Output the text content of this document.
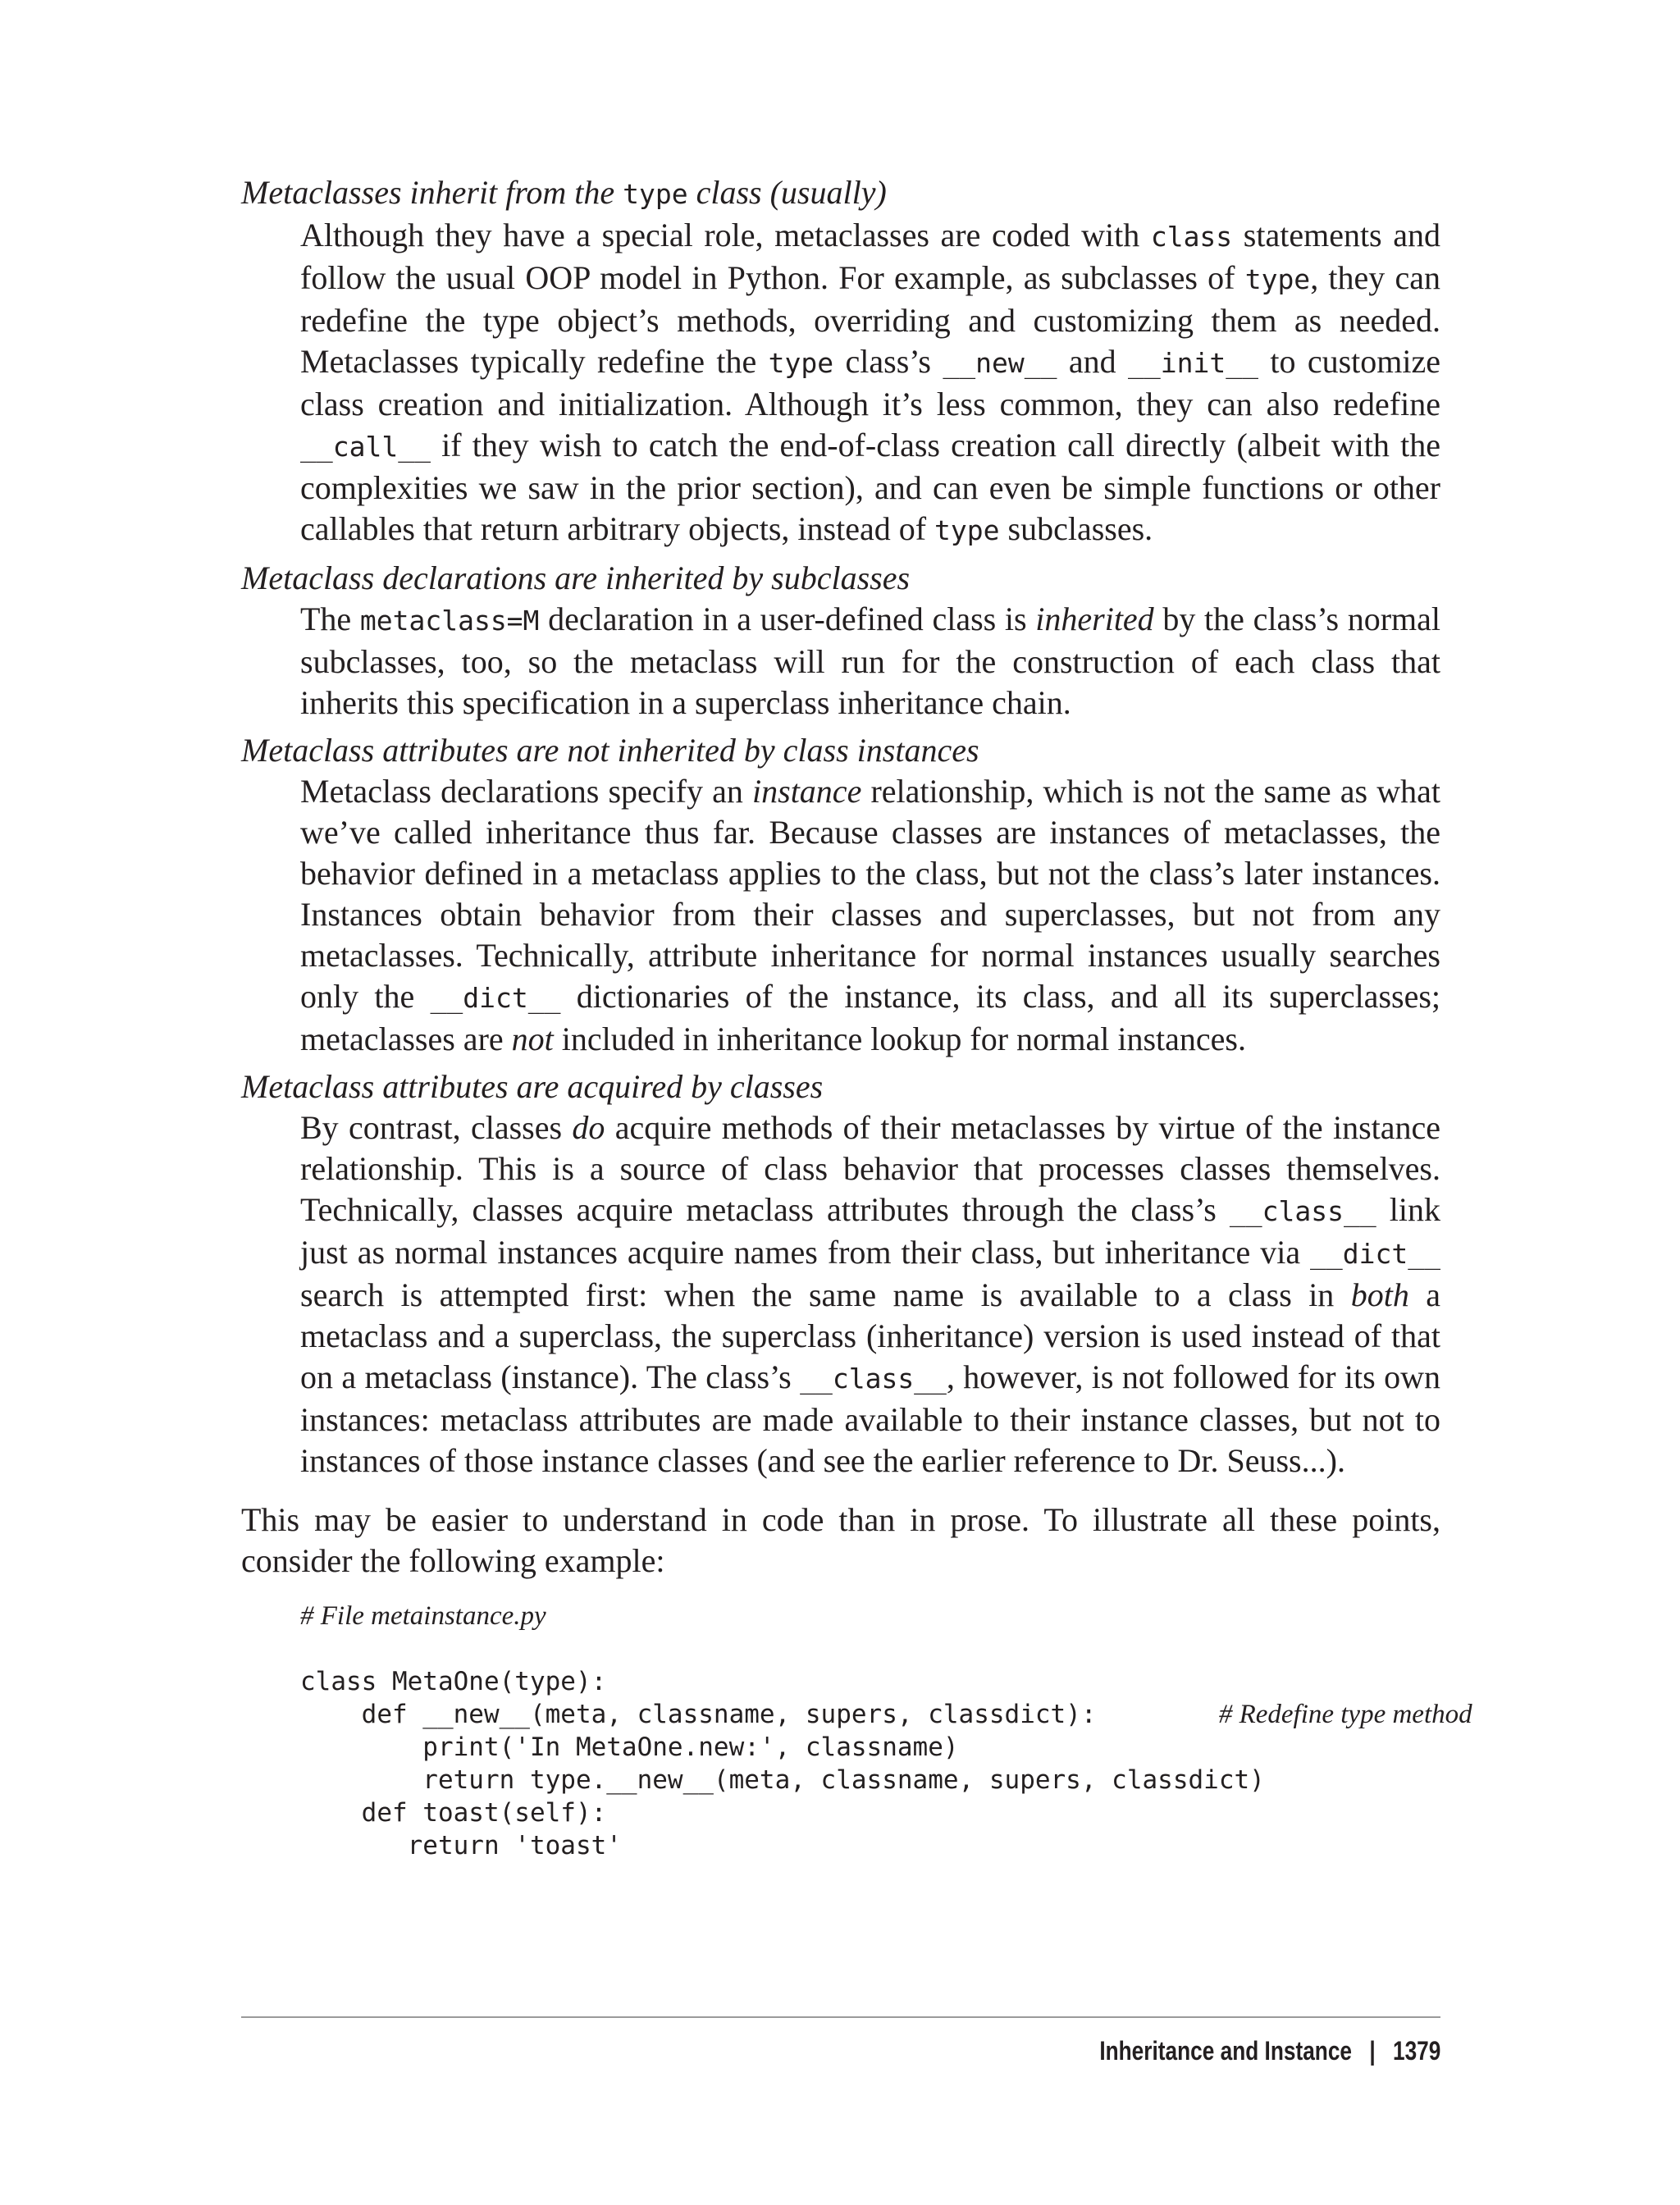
Metaclasses inherit from the type class (usually)

Although they have a special role, metaclasses are coded with class statements and follow the usual OOP model in Python. For example, as subclasses of type, they can redefine the type object’s methods, overriding and customizing them as needed. Metaclasses typically redefine the type class’s __new__ and __init__ to customize class creation and initialization. Although it’s less common, they can also redefine __call__ if they wish to catch the end-of-class creation call directly (albeit with the complexities we saw in the prior section), and can even be simple functions or other callables that return arbitrary objects, instead of type subclasses.

Metaclass declarations are inherited by subclasses

The metaclass=M declaration in a user-defined class is inherited by the class’s normal subclasses, too, so the metaclass will run for the construction of each class that inherits this specification in a superclass inheritance chain.

Metaclass attributes are not inherited by class instances

Metaclass declarations specify an instance relationship, which is not the same as what we’ve called inheritance thus far. Because classes are instances of metaclasses, the behavior defined in a metaclass applies to the class, but not the class’s later instances. Instances obtain behavior from their classes and superclasses, but not from any metaclasses. Technically, attribute inheritance for normal instances usually searches only the __dict__ dictionaries of the instance, its class, and all its superclasses; metaclasses are not included in inheritance lookup for normal instances.

Metaclass attributes are acquired by classes

By contrast, classes do acquire methods of their metaclasses by virtue of the instance relationship. This is a source of class behavior that processes classes themselves. Technically, classes acquire metaclass attributes through the class’s __class__ link just as normal instances acquire names from their class, but inheritance via __dict__ search is attempted first: when the same name is available to a class in both a metaclass and a superclass, the superclass (inheritance) version is used instead of that on a metaclass (instance). The class’s __class__, however, is not followed for its own instances: metaclass attributes are made available to their instance classes, but not to instances of those instance classes (and see the earlier reference to Dr. Seuss...).

This may be easier to understand in code than in prose. To illustrate all these points, consider the following example:

# File metainstance.py

class MetaOne(type):
def __new__(meta, classname, supers, classdict):	# Redefine type method
print('In MetaOne.new:', classname)
return type.__new__(meta, classname, supers, classdict)
def toast(self):
return 'toast'
Inheritance and Instance | 1379
